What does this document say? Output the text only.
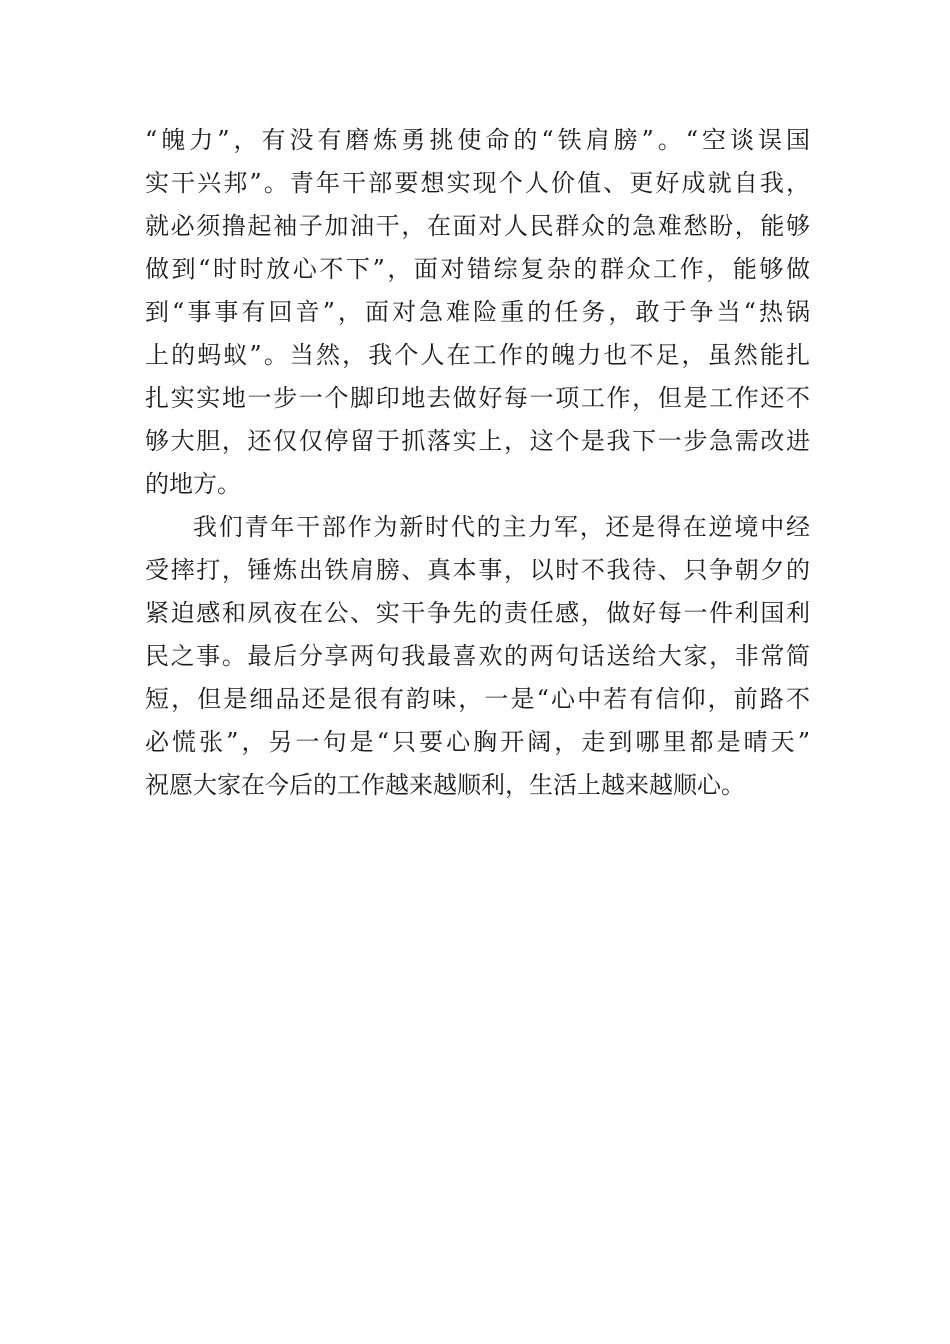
“魄力”，有没有磨炼勇挑使命的“铁肩膀”。“空谈误国
实干兴邦”。青年干部要想实现个人价值、更好成就自我，
就必须撸起袖子加油干，在面对人民群众的急难愁盼，能够
做到“时时放心不下”，面对错综复杂的群众工作，能够做
到“事事有回音”，面对急难险重的任务，敢于争当“热锅
上的蚂蚁”。当然，我个人在工作的魄力也不足，虽然能扎
扎实实地一步一个脚印地去做好每一项工作，但是工作还不
够大胆，还仅仅停留于抓落实上，这个是我下一步急需改进
的地方。
我们青年干部作为新时代的主力军，还是得在逆境中经
受摔打，锤炼出铁肩膀、真本事，以时不我待、只争朝夕的
紧迫感和夙夜在公、实干争先的责任感，做好每一件利国利
民之事。最后分享两句我最喜欢的两句话送给大家，非常简
短，但是细品还是很有韵味，一是“心中若有信仰，前路不
必慌张”，另一句是“只要心胸开阔，走到哪里都是晴天”
祝愿大家在今后的工作越来越顺利，生活上越来越顺心。
